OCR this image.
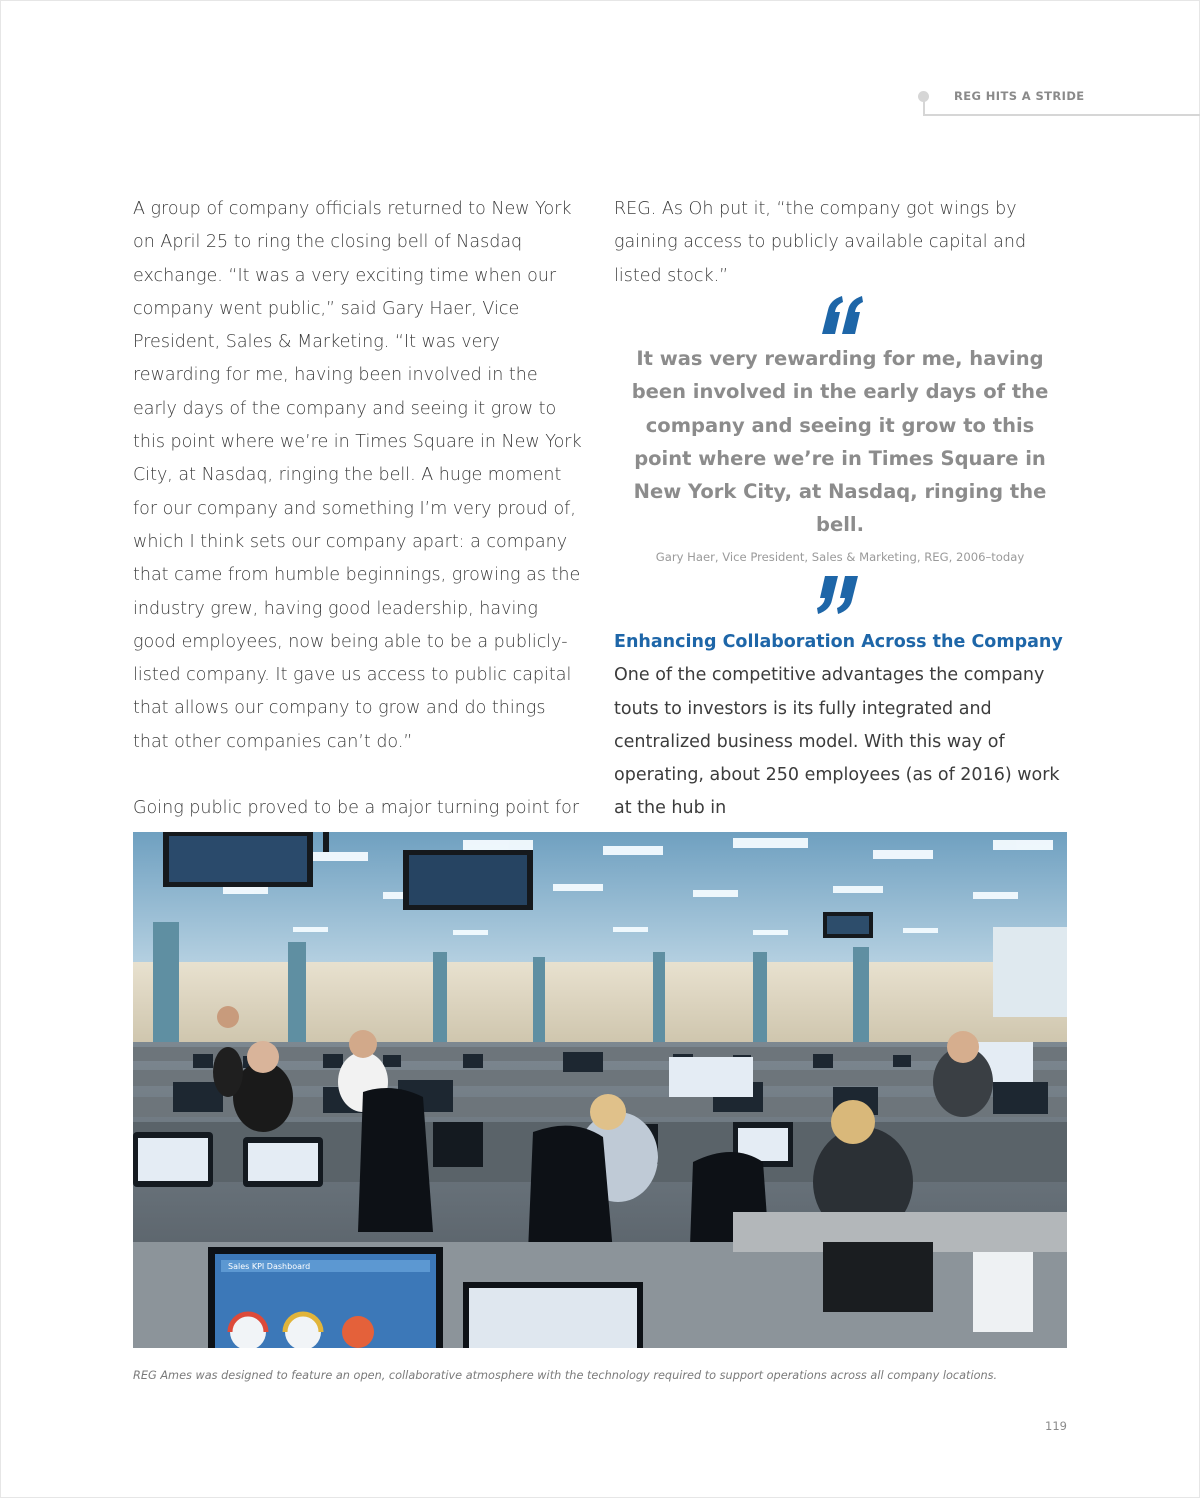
REG HITS A STRIDE

A group of company officials returned to New York on April 25 to ring the closing bell of Nasdaq exchange. “It was a very exciting time when our company went public,” said Gary Haer, Vice President, Sales & Marketing. “It was very rewarding for me, having been involved in the early days of the company and seeing it grow to this point where we’re in Times Square in New York City, at Nasdaq, ringing the bell. A huge moment for our company and something I’m very proud of, which I think sets our company apart: a company that came from humble beginnings, growing as the industry grew, having good leadership, having good employees, now being able to be a publicly-listed company. It gave us access to public capital that allows our company to grow and do things that other companies can’t do.”

Going public proved to be a major turning point for

REG. As Oh put it, “the company got wings by gaining access to publicly available capital and listed stock.”

It was very rewarding for me, having been involved in the early days of the company and seeing it grow to this point where we’re in Times Square in New York City, at Nasdaq, ringing the bell.
Gary Haer, Vice President, Sales & Marketing, REG, 2006–today
Enhancing Collaboration Across the Company

One of the competitive advantages the company touts to investors is its fully integrated and centralized business model. With this way of operating, about 250 employees (as of 2016) work at the hub in

Sales KPI Dashboard
REG Ames was designed to feature an open, collaborative atmosphere with the technology required to support operations across all company locations.
119
